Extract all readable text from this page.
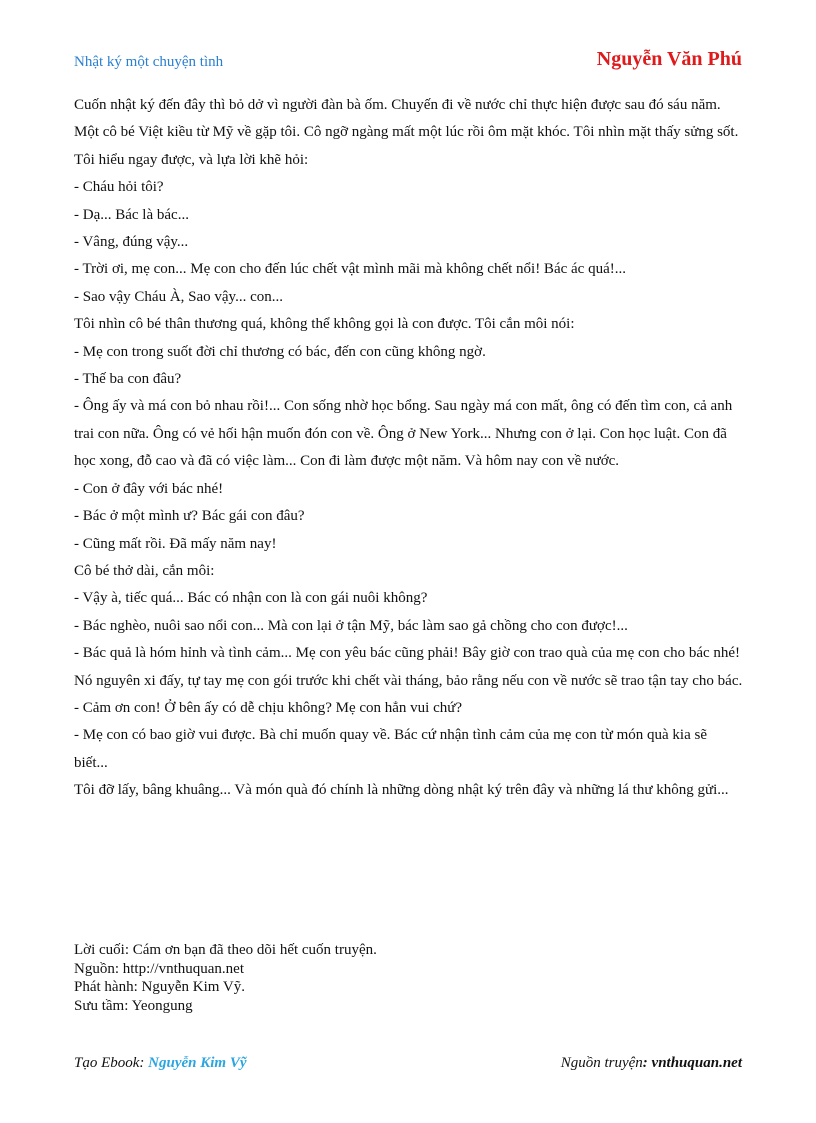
Nhật ký một chuyện tình	Nguyễn Văn Phú

Cuốn nhật ký đến đây thì bỏ dở vì người đàn bà ốm. Chuyến đi về nước chỉ thực hiện được sau đó sáu năm. Một cô bé Việt kiều từ Mỹ về gặp tôi. Cô ngỡ ngàng mất một lúc rồi ôm mặt khóc. Tôi nhìn mặt thấy sửng sốt. Tôi hiểu ngay được, và lựa lời khẽ hỏi:

- Cháu hỏi tôi?

- Dạ... Bác là bác...

- Vâng, đúng vậy...

- Trời ơi, mẹ con... Mẹ con cho đến lúc chết vật mình mãi mà không chết nổi! Bác ác quá!...

- Sao vậy Cháu À, Sao vậy... con...

Tôi nhìn cô bé thân thương quá, không thể không gọi là con được. Tôi cắn môi nói:

- Mẹ con trong suốt đời chỉ thương có bác, đến con cũng không ngờ.

- Thế ba con đâu?

- Ông ấy và má con bỏ nhau rồi!... Con sống nhờ học bổng. Sau ngày má con mất, ông có đến tìm con, cả anh trai con nữa. Ông có vẻ hối hận muốn đón con về. Ông ở New York... Nhưng con ở lại. Con học luật. Con đã học xong, đỗ cao và đã có việc làm... Con đi làm được một năm. Và hôm nay con về nước.

- Con ở đây với bác nhé!

- Bác ở một mình ư? Bác gái con đâu?

- Cũng mất rồi. Đã mấy năm nay!

Cô bé thở dài, cắn môi:

- Vậy à, tiếc quá... Bác có nhận con là con gái nuôi không?

- Bác nghèo, nuôi sao nổi con... Mà con lại ở tận Mỹ, bác làm sao gả chồng cho con được!...

- Bác quả là hóm hỉnh và tình cảm... Mẹ con yêu bác cũng phải! Bây giờ con trao quà của mẹ con cho bác nhé! Nó nguyên xi đấy, tự tay mẹ con gói trước khi chết vài tháng, bảo rằng nếu con về nước sẽ trao tận tay cho bác.

- Cảm ơn con! Ở bên ấy có dễ chịu không? Mẹ con hẳn vui chứ?

- Mẹ con có bao giờ vui được. Bà chỉ muốn quay về. Bác cứ nhận tình cảm của mẹ con từ món quà kia sẽ biết...

Tôi đỡ lấy, bâng khuâng... Và món quà đó chính là những dòng nhật ký trên đây và những lá thư không gửi...

Lời cuối: Cám ơn bạn đã theo dõi hết cuốn truyện.

Nguồn: http://vnthuquan.net

Phát hành: Nguyễn Kim Vỹ.

Sưu tầm: Yeongung

Tạo Ebook: Nguyễn Kim Vỹ	Nguồn truyện: vnthuquan.net
